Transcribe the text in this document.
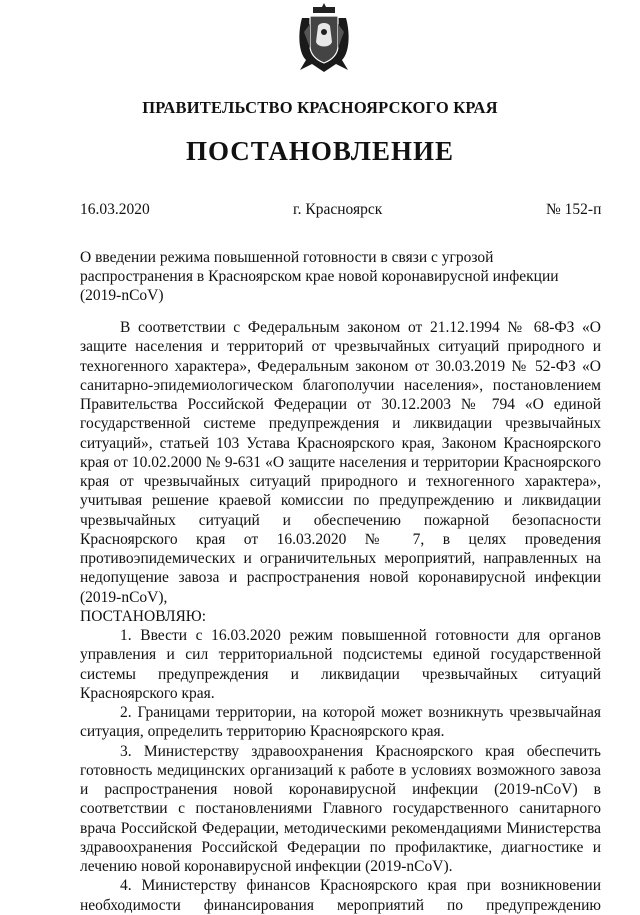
ПРАВИТЕЛЬСТВО КРАСНОЯРСКОГО КРАЯ
ПОСТАНОВЛЕНИЕ
16.03.2020	г. Красноярск	№ 152-п
О введении режима повышенной готовности в связи с угрозой распространения в Красноярском крае новой коронавирусной инфекции (2019-nCoV)

В соответствии с Федеральным законом от 21.12.1994 № 68-ФЗ «О защите населения и территорий от чрезвычайных ситуаций природного и техногенного характера», Федеральным законом от 30.03.2019 № 52-ФЗ «О санитарно-эпидемиологическом благополучии населения», постановлением Правительства Российской Федерации от 30.12.2003 № 794 «О единой государственной системе предупреждения и ликвидации чрезвычайных ситуаций», статьей 103 Устава Красноярского края, Законом Красноярского края от 10.02.2000 № 9-631 «О защите населения и территории Красноярского края от чрезвычайных ситуаций природного и техногенного характера», учитывая решение краевой комиссии по предупреждению и ликвидации чрезвычайных ситуаций и обеспечению пожарной безопасности Красноярского края от 16.03.2020 № 7, в целях проведения противоэпидемических и ограничительных мероприятий, направленных на недопущение завоза и распространения новой коронавирусной инфекции (2019-nCoV),

ПОСТАНОВЛЯЮ:

1. Ввести с 16.03.2020 режим повышенной готовности для органов управления и сил территориальной подсистемы единой государственной системы предупреждения и ликвидации чрезвычайных ситуаций Красноярского края.

2. Границами территории, на которой может возникнуть чрезвычайная ситуация, определить территорию Красноярского края.

3. Министерству здравоохранения Красноярского края обеспечить готовность медицинских организаций к работе в условиях возможного завоза и распространения новой коронавирусной инфекции (2019-nCoV) в соответствии с постановлениями Главного государственного санитарного врача Российской Федерации, методическими рекомендациями Министерства здравоохранения Российской Федерации по профилактике, диагностике и лечению новой коронавирусной инфекции (2019-nCoV).

4. Министерству финансов Красноярского края при возникновении необходимости финансирования мероприятий по предупреждению
